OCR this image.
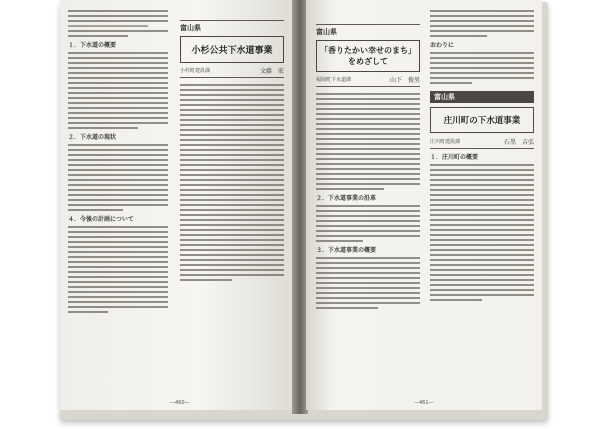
１．下水道の概要
２．下水道の現状
４．今後の計画について
富山県
小杉公共下水道事業
小杉町建設課	文藤　宏
—460—
富山県
「香りたかい幸せのまち」
をめざして
福岡町下水道課	山下　俊男
２．下水道事業の沿革
３．下水道事業の概要
おわりに
富山県
庄川町の下水道事業
庄川町建設課	石黒　吉弘
１．庄川町の概要
—461—
